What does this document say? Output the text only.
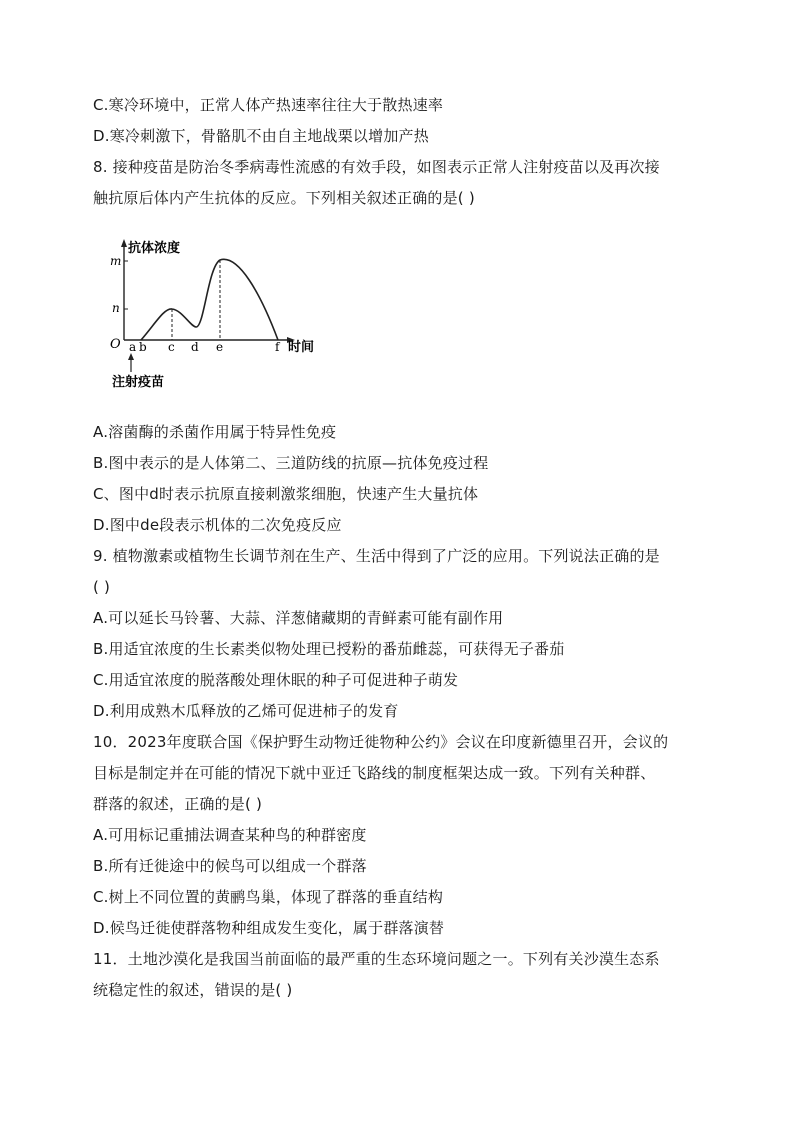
C.寒冷环境中，正常人体产热速率往往大于散热速率
D.寒冷刺激下，骨骼肌不由自主地战栗以增加产热
8. 接种疫苗是防治冬季病毒性流感的有效手段，如图表示正常人注射疫苗以及再次接
触抗原后体内产生抗体的反应。下列相关叙述正确的是( )
A.溶菌酶的杀菌作用属于特异性免疫
B.图中表示的是人体第二、三道防线的抗原—抗体免疫过程
C、图中d时表示抗原直接刺激浆细胞，快速产生大量抗体
D.图中de段表示机体的二次免疫反应
9. 植物激素或植物生长调节剂在生产、生活中得到了广泛的应用。下列说法正确的是
( )
A.可以延长马铃薯、大蒜、洋葱储藏期的青鲜素可能有副作用
B.用适宜浓度的生长素类似物处理已授粉的番茄雌蕊，可获得无子番茄
C.用适宜浓度的脱落酸处理休眠的种子可促进种子萌发
D.利用成熟木瓜释放的乙烯可促进柿子的发育
10．2023年度联合国《保护野生动物迁徙物种公约》会议在印度新德里召开，会议的
目标是制定并在可能的情况下就中亚迁飞路线的制度框架达成一致。下列有关种群、
群落的叙述，正确的是( )
A.可用标记重捕法调查某种鸟的种群密度
B.所有迁徙途中的候鸟可以组成一个群落
C.树上不同位置的黄鹂鸟巢，体现了群落的垂直结构
D.候鸟迁徙使群落物种组成发生变化，属于群落演替
11．土地沙漠化是我国当前面临的最严重的生态环境问题之一。下列有关沙漠生态系
统稳定性的叙述，错误的是( )
抗体浓度
时间
O
m
n
a b c d e	f
注射疫苗
